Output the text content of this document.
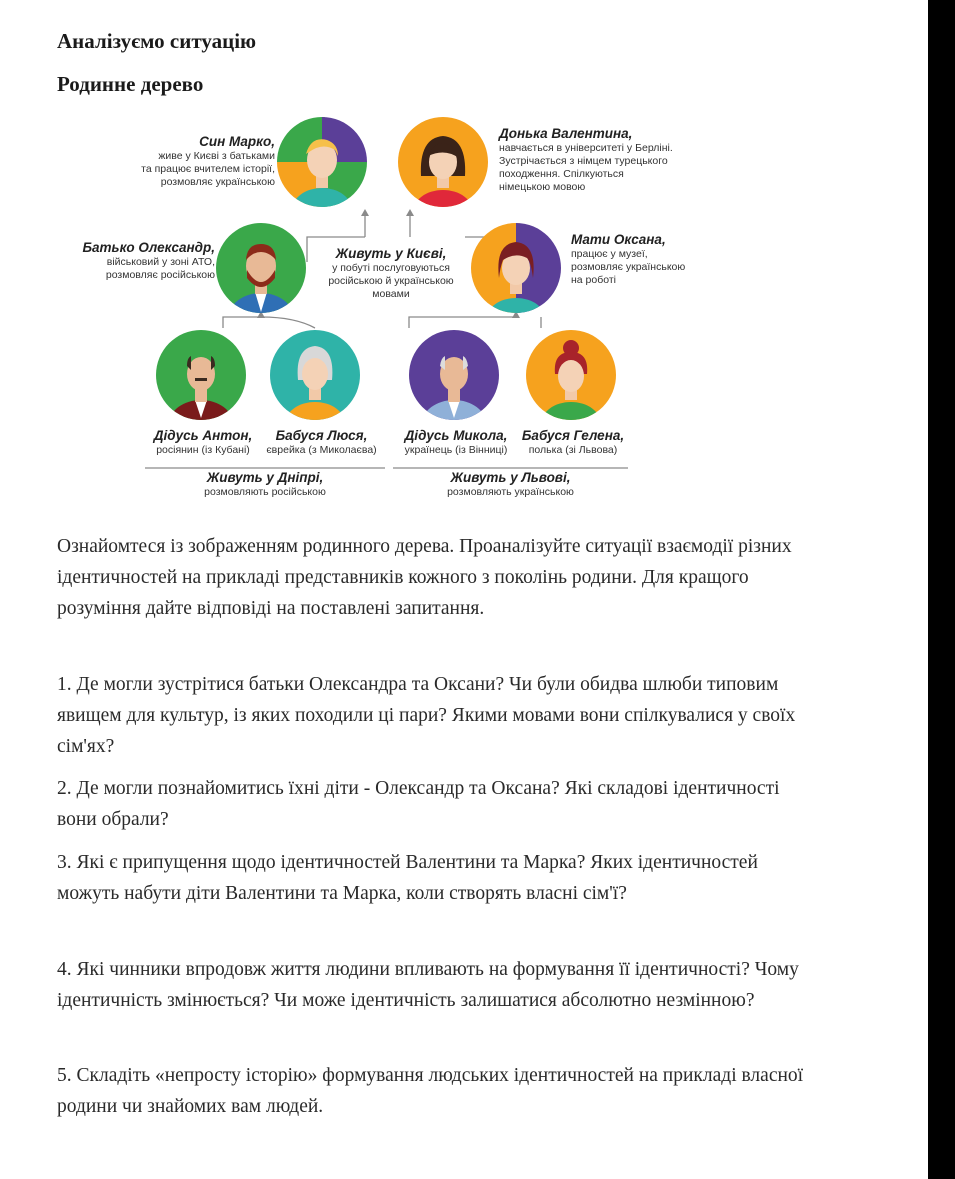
Аналізуємо ситуацію
Родинне дерево
Син Марко,
живе у Києві з батьками
та працює вчителем історії,
розмовляє українською
Донька Валентина,
навчається в університеті у Берліні.
Зустрічається з німцем турецького
походження. Спілкуються
німецькою мовою
Батько Олександр,
військовий у зоні АТО,
розмовляє російською
Живуть у Києві,
у побуті послуговуються
російською й українською
мовами
Мати Оксана,
працює у музеї,
розмовляє українською
на роботі
Дідусь Антон,
росіянин (із Кубані)
Бабуся Люся,
єврейка (з Миколаєва)
Дідусь Микола,
українець (із Вінниці)
Бабуся Гелена,
полька (зі Львова)
Живуть у Дніпрі,
розмовляють російською
Живуть у Львові,
розмовляють українською

Ознайомтеся із зображенням родинного дерева. Проаналізуйте ситуації взаємодії різних ідентичностей на прикладі представників кожного з поколінь родини. Для кращого розуміння дайте відповіді на поставлені запитання.

1. Де могли зустрітися батьки Олександра та Оксани? Чи були обидва шлюби типовим явищем для культур, із яких походили ці пари? Якими мовами вони спілкувалися у своїх сім'ях?

2. Де могли познайомитись їхні діти - Олександр та Оксана? Які складові ідентичності вони обрали?

3. Які є припущення щодо ідентичностей Валентини та Марка? Яких ідентичностей можуть набути діти Валентини та Марка, коли створять власні сім'ї?

4. Які чинники впродовж життя людини впливають на формування її ідентичності? Чому ідентичність змінюється? Чи може ідентичність залишатися абсолютно незмінною?

5. Складіть «непросту історію» формування людських ідентичностей на прикладі власної родини чи знайомих вам людей.
